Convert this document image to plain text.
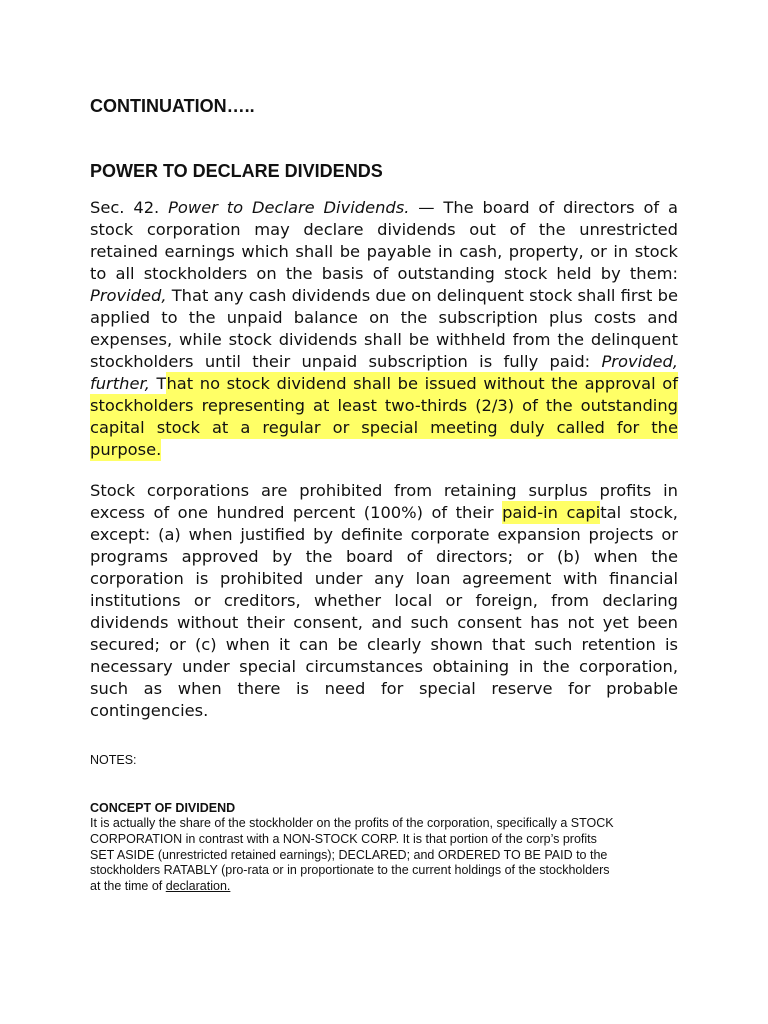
CONTINUATION…..
POWER TO DECLARE DIVIDENDS

Sec. 42. Power to Declare Dividends. — The board of directors of a stock corporation may declare dividends out of the unrestricted retained earnings which shall be payable in cash, property, or in stock to all stockholders on the basis of outstanding stock held by them: Provided, That any cash dividends due on delinquent stock shall first be applied to the unpaid balance on the subscription plus costs and expenses, while stock dividends shall be withheld from the delinquent stockholders until their unpaid subscription is fully paid: Provided, further, That no stock dividend shall be issued without the approval of stockholders representing at least two-thirds (2/3) of the outstanding capital stock at a regular or special meeting duly called for the purpose.

Stock corporations are prohibited from retaining surplus profits in excess of one hundred percent (100%) of their paid-in capital stock, except: (a) when justified by definite corporate expansion projects or programs approved by the board of directors; or (b) when the corporation is prohibited under any loan agreement with financial institutions or creditors, whether local or foreign, from declaring dividends without their consent, and such consent has not yet been secured; or (c) when it can be clearly shown that such retention is necessary under special circumstances obtaining in the corporation, such as when there is need for special reserve for probable contingencies.

NOTES:

CONCEPT OF DIVIDEND

It is actually the share of the stockholder on the profits of the corporation, specifically a STOCK
CORPORATION in contrast with a NON-STOCK CORP. It is that portion of the corp’s profits
SET ASIDE (unrestricted retained earnings); DECLARED; and ORDERED TO BE PAID to the
stockholders RATABLY (pro-rata or in proportionate to the current holdings of the stockholders
at the time of declaration.
